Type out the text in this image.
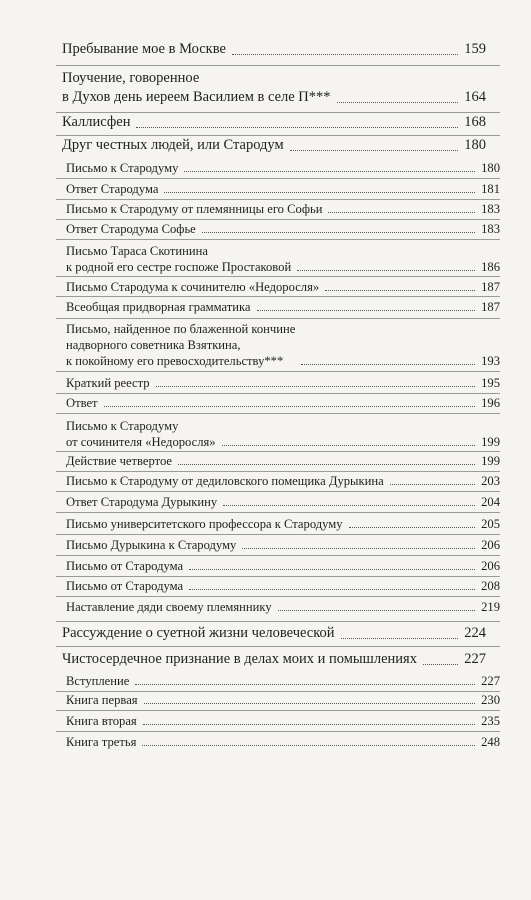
Пребывание мое в Москве	159
Поучение, говоренное
в Духов день иереем Василием в селе П***	164
Каллисфен	168
Друг честных людей, или Стародум	180
Письмо к Стародуму	180
Ответ Стародума	181
Письмо к Стародуму от племянницы его Софьи	183
Ответ Стародума Софье	183
Письмо Тараса Скотинина
к родной его сестре госпоже Простаковой	186
Письмо Стародума к сочинителю «Недоросля»	187
Всеобщая придворная грамматика	187
Письмо, найденное по блаженной кончине
надворного советника Взяткина,
к покойному его превосходительству***	193
Краткий реестр	195
Ответ	196
Письмо к Стародуму
от сочинителя «Недоросля»	199
Действие четвертое	199
Письмо к Стародуму от дедиловского помещика Дурыкина	203
Ответ Стародума Дурыкину	204
Письмо университетского профессора к Стародуму	205
Письмо Дурыкина к Стародуму	206
Письмо от Стародума	206
Письмо от Стародума	208
Наставление дяди своему племяннику	219
Рассуждение о суетной жизни человеческой	224
Чистосердечное признание в делах моих и помышлениях	227
Вступление	227
Книга первая	230
Книга вторая	235
Книга третья	248
